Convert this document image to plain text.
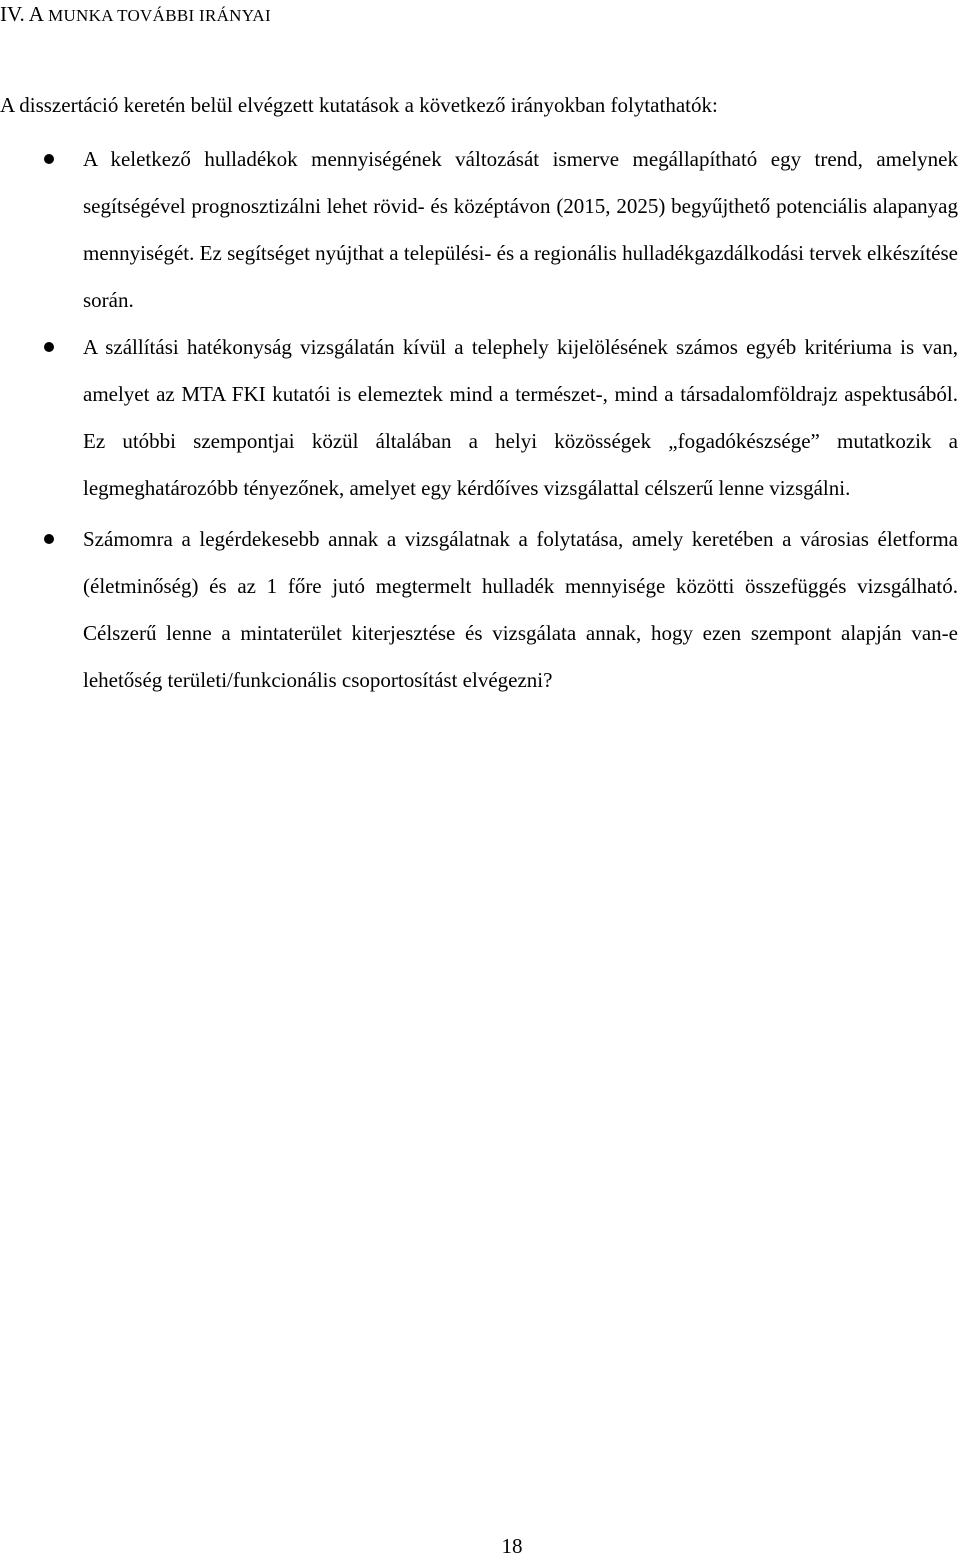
IV. A MUNKA TOVÁBBI IRÁNYAI

A disszertáció keretén belül elvégzett kutatások a következő irányokban folytathatók:

A keletkező hulladékok mennyiségének változását ismerve megállapítható egy trend, amelynek segítségével prognosztizálni lehet rövid- és középtávon (2015, 2025) begyűjthető potenciális alapanyag mennyiségét. Ez segítséget nyújthat a települési- és a regionális hulladékgazdálkodási tervek elkészítése során.
A szállítási hatékonyság vizsgálatán kívül a telephely kijelölésének számos egyéb kritériuma is van, amelyet az MTA FKI kutatói is elemeztek mind a természet-, mind a társadalomföldrajz aspektusából. Ez utóbbi szempontjai közül általában a helyi közösségek „fogadókészsége” mutatkozik a legmeghatározóbb tényezőnek, amelyet egy kérdőíves vizsgálattal célszerű lenne vizsgálni.
Számomra a legérdekesebb annak a vizsgálatnak a folytatása, amely keretében a városias életforma (életminőség) és az 1 főre jutó megtermelt hulladék mennyisége közötti összefüggés vizsgálható. Célszerű lenne a mintaterület kiterjesztése és vizsgálata annak, hogy ezen szempont alapján van-e lehetőség területi/funkcionális csoportosítást elvégezni?
18
